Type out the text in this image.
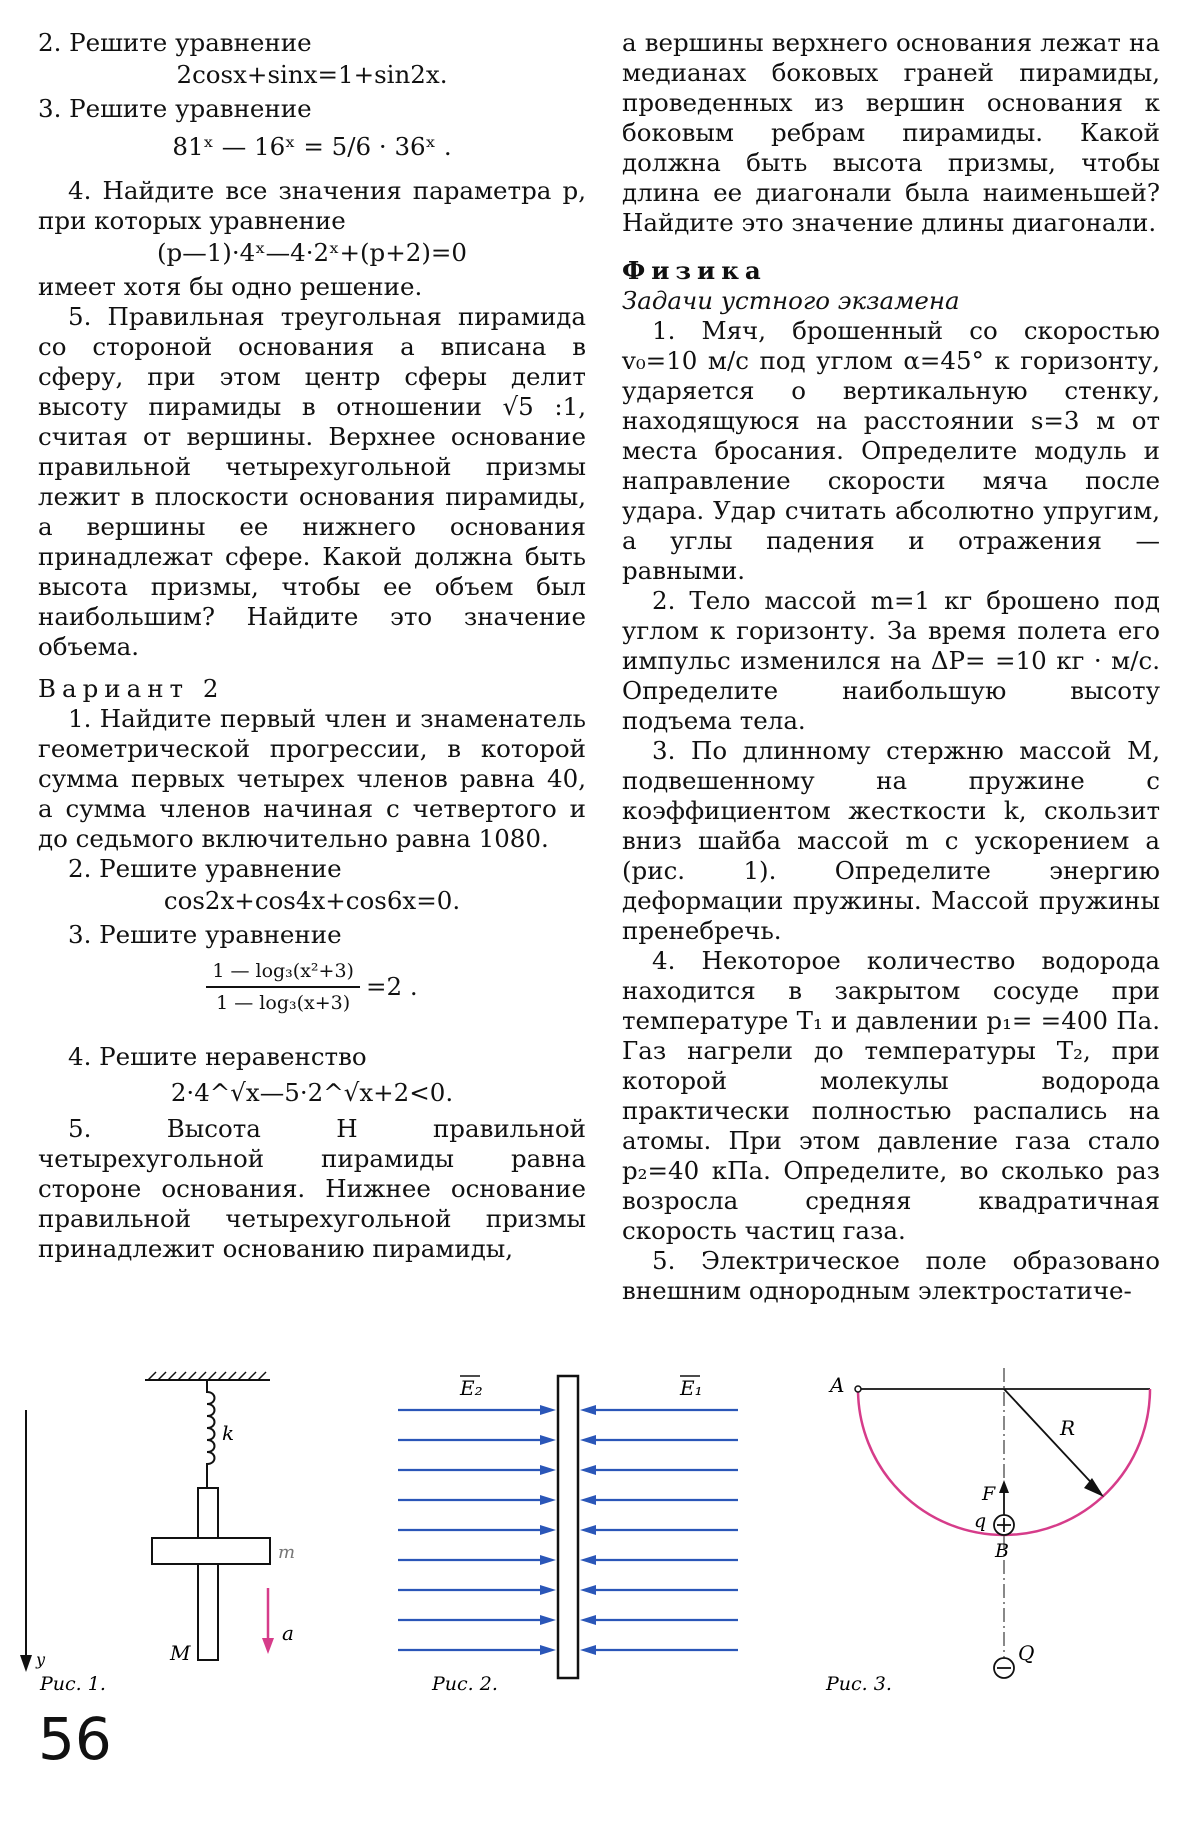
2. Решите уравнение

2cosx+sinx=1+sin2x.

3. Решите уравнение

81ˣ — 16ˣ = 5/6 · 36ˣ .

4. Найдите все значения параметра p, при которых уравнение

(p—1)·4ˣ—4·2ˣ+(p+2)=0

имеет хотя бы одно решение.

5. Правильная треугольная пирамида со стороной основания a вписана в сферу, при этом центр сферы делит высоту пирамиды в отношении √5 :1, считая от вершины. Верхнее основание правильной четырехугольной призмы лежит в плоскости основания пирамиды, а вершины ее нижнего основания принадлежат сфере. Какой должна быть высота призмы, чтобы ее объем был наибольшим? Найдите это значение объема.

Вариант 2

1. Найдите первый член и знаменатель геометрической прогрессии, в которой сумма первых четырех членов равна 40, а сумма членов начиная с четвертого и до седьмого включительно равна 1080.

2. Решите уравнение

cos2x+cos4x+cos6x=0.

3. Решите уравнение

1 — log₃(x²+3)
1 — log₃(x+3)
=2 .

4. Решите неравенство

2·4^√x—5·2^√x+2<0.

5. Высота H правильной четырехугольной пирамиды равна стороне основания. Нижнее основание правильной четырехугольной призмы принадлежит основанию пирамиды,

а вершины верхнего основания лежат на медианах боковых граней пирамиды, проведенных из вершин основания к боковым ребрам пирамиды. Какой должна быть высота призмы, чтобы длина ее диагонали была наименьшей? Найдите это значение длины диагонали.

Физика

Задачи устного экзамена

1. Мяч, брошенный со скоростью v₀=10 м/с под углом α=45° к горизонту, ударяется о вертикальную стенку, находящуюся на расстоянии s=3 м от места бросания. Определите модуль и направление скорости мяча после удара. Удар считать абсолютно упругим, а углы падения и отражения — равными.

2. Тело массой m=1 кг брошено под углом к горизонту. За время полета его импульс изменился на ΔP= =10 кг · м/с. Определите наибольшую высоту подъема тела.

3. По длинному стержню массой M, подвешенному на пружине с коэффициентом жесткости k, скользит вниз шайба массой m с ускорением a (рис. 1). Определите энергию деформации пружины. Массой пружины пренебречь.

4. Некоторое количество водорода находится в закрытом сосуде при температуре T₁ и давлении p₁= =400 Па. Газ нагрели до температуры T₂, при которой молекулы водорода практически полностью распались на атомы. При этом давление газа стало p₂=40 кПа. Определите, во сколько раз возросла средняя квадратичная скорость частиц газа.

5. Электрическое поле образовано внешним однородным электростатиче-

y
k
m
M
a
Рис. 1.
E₂	E₁
Рис. 2.
A
R
F
q
B
Q
Рис. 3.
56
